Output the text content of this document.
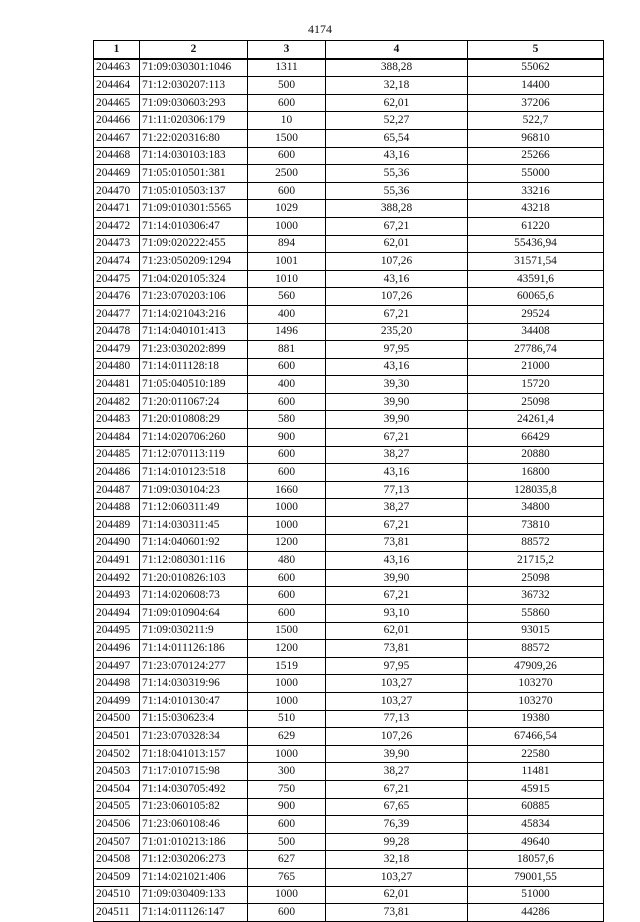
4174
1	2	3	4	5
204463	71:09:030301:1046	1311	388,28	55062
204464	71:12:030207:113	500	32,18	14400
204465	71:09:030603:293	600	62,01	37206
204466	71:11:020306:179	10	52,27	522,7
204467	71:22:020316:80	1500	65,54	96810
204468	71:14:030103:183	600	43,16	25266
204469	71:05:010501:381	2500	55,36	55000
204470	71:05:010503:137	600	55,36	33216
204471	71:09:010301:5565	1029	388,28	43218
204472	71:14:010306:47	1000	67,21	61220
204473	71:09:020222:455	894	62,01	55436,94
204474	71:23:050209:1294	1001	107,26	31571,54
204475	71:04:020105:324	1010	43,16	43591,6
204476	71:23:070203:106	560	107,26	60065,6
204477	71:14:021043:216	400	67,21	29524
204478	71:14:040101:413	1496	235,20	34408
204479	71:23:030202:899	881	97,95	27786,74
204480	71:14:011128:18	600	43,16	21000
204481	71:05:040510:189	400	39,30	15720
204482	71:20:011067:24	600	39,90	25098
204483	71:20:010808:29	580	39,90	24261,4
204484	71:14:020706:260	900	67,21	66429
204485	71:12:070113:119	600	38,27	20880
204486	71:14:010123:518	600	43,16	16800
204487	71:09:030104:23	1660	77,13	128035,8
204488	71:12:060311:49	1000	38,27	34800
204489	71:14:030311:45	1000	67,21	73810
204490	71:14:040601:92	1200	73,81	88572
204491	71:12:080301:116	480	43,16	21715,2
204492	71:20:010826:103	600	39,90	25098
204493	71:14:020608:73	600	67,21	36732
204494	71:09:010904:64	600	93,10	55860
204495	71:09:030211:9	1500	62,01	93015
204496	71:14:011126:186	1200	73,81	88572
204497	71:23:070124:277	1519	97,95	47909,26
204498	71:14:030319:96	1000	103,27	103270
204499	71:14:010130:47	1000	103,27	103270
204500	71:15:030623:4	510	77,13	19380
204501	71:23:070328:34	629	107,26	67466,54
204502	71:18:041013:157	1000	39,90	22580
204503	71:17:010715:98	300	38,27	11481
204504	71:14:030705:492	750	67,21	45915
204505	71:23:060105:82	900	67,65	60885
204506	71:23:060108:46	600	76,39	45834
204507	71:01:010213:186	500	99,28	49640
204508	71:12:030206:273	627	32,18	18057,6
204509	71:14:021021:406	765	103,27	79001,55
204510	71:09:030409:133	1000	62,01	51000
204511	71:14:011126:147	600	73,81	44286
